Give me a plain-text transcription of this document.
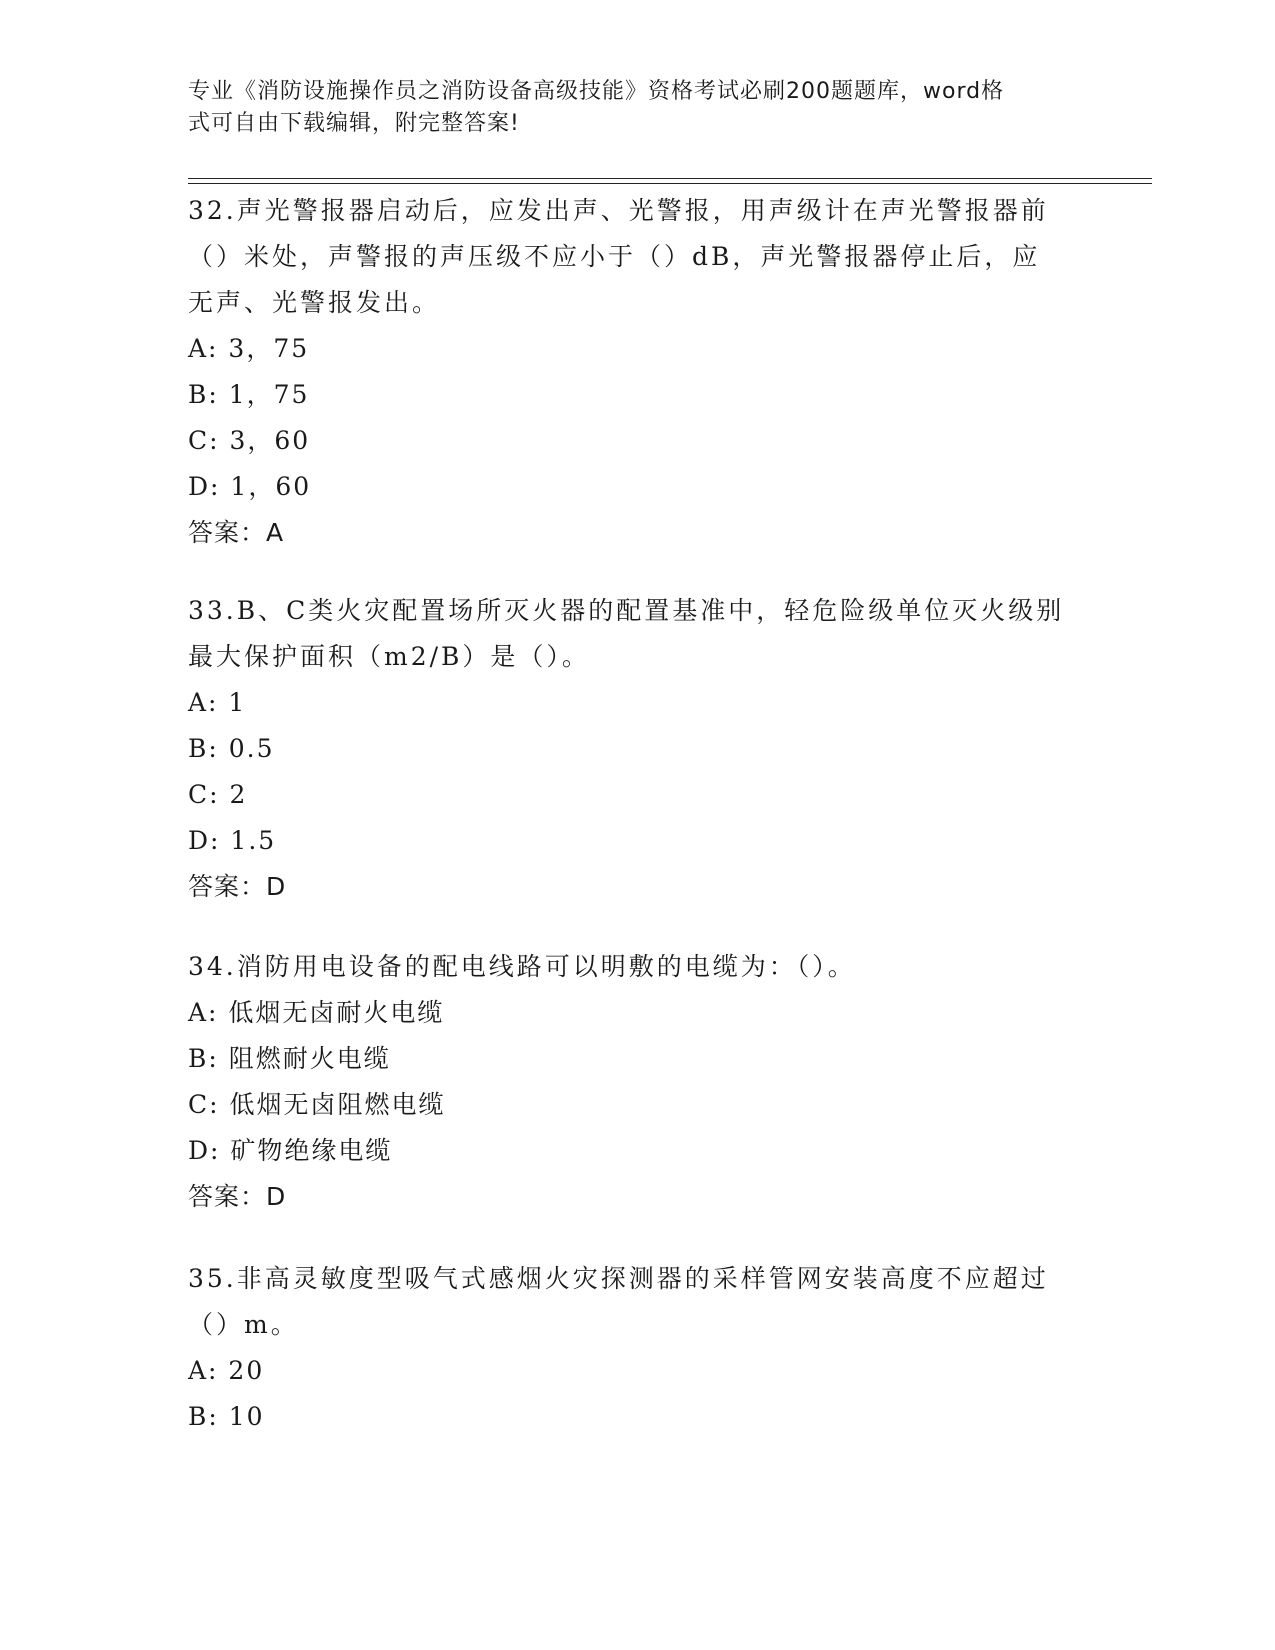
专业《消防设施操作员之消防设备高级技能》资格考试必刷200题题库，word格
式可自由下载编辑，附完整答案!

32.声光警报器启动后，应发出声、光警报，用声级计在声光警报器前

（）米处，声警报的声压级不应小于（）dB，声光警报器停止后，应

无声、光警报发出。

A: 3，75

B: 1，75

C: 3，60

D: 1，60

答案：A

33.B、C类火灾配置场所灭火器的配置基准中，轻危险级单位灭火级别

最大保护面积（m2/B）是（）。

A: 1

B: 0.5

C: 2

D: 1.5

答案：D

34.消防用电设备的配电线路可以明敷的电缆为：（）。

A: 低烟无卤耐火电缆

B: 阻燃耐火电缆

C: 低烟无卤阻燃电缆

D: 矿物绝缘电缆

答案：D

35.非高灵敏度型吸气式感烟火灾探测器的采样管网安装高度不应超过

（）m。

A: 20

B: 10
